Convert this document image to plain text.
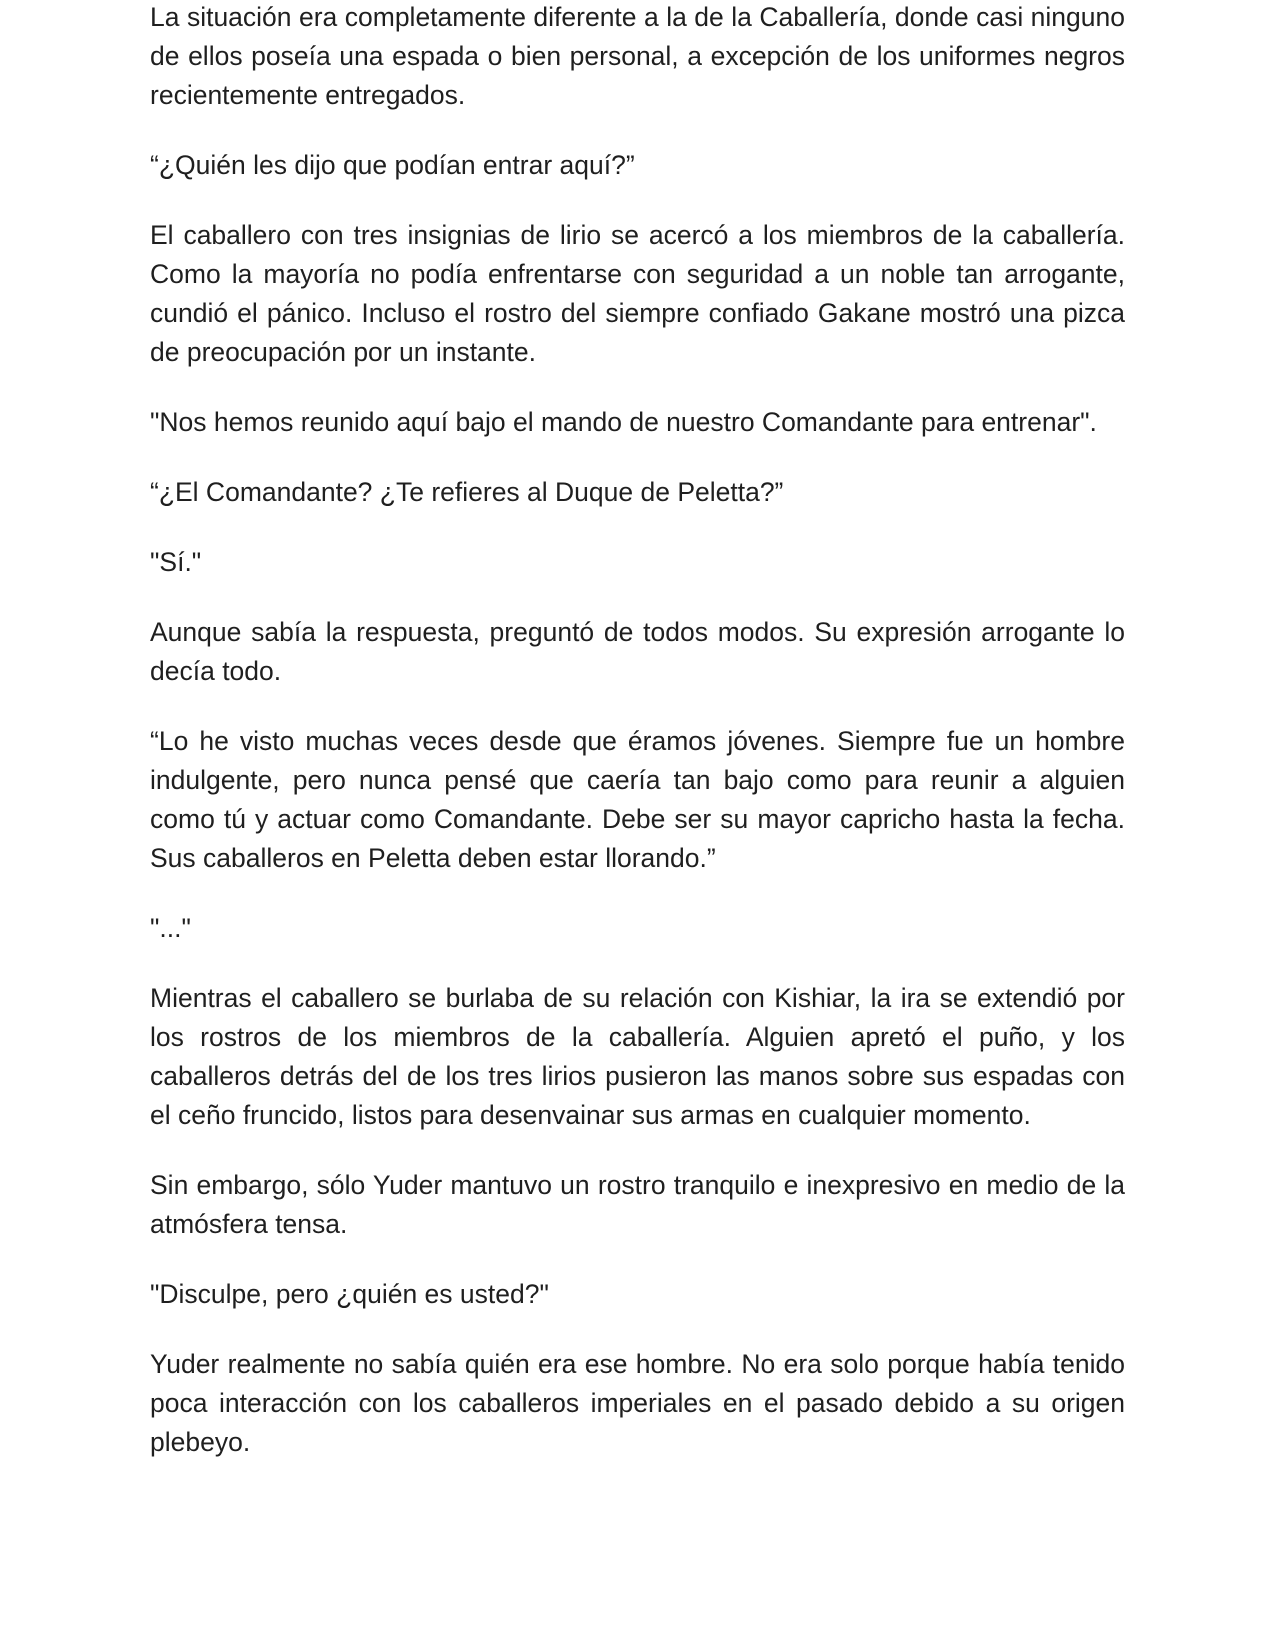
La situación era completamente diferente a la de la Caballería, donde casi ninguno de ellos poseía una espada o bien personal, a excepción de los uniformes negros recientemente entregados.

“¿Quién les dijo que podían entrar aquí?”

El caballero con tres insignias de lirio se acercó a los miembros de la caballería. Como la mayoría no podía enfrentarse con seguridad a un noble tan arrogante, cundió el pánico. Incluso el rostro del siempre confiado Gakane mostró una pizca de preocupación por un instante.

"Nos hemos reunido aquí bajo el mando de nuestro Comandante para entrenar".

“¿El Comandante? ¿Te refieres al Duque de Peletta?”

"Sí."

Aunque sabía la respuesta, preguntó de todos modos. Su expresión arrogante lo decía todo.

“Lo he visto muchas veces desde que éramos jóvenes. Siempre fue un hombre indulgente, pero nunca pensé que caería tan bajo como para reunir a alguien como tú y actuar como Comandante. Debe ser su mayor capricho hasta la fecha. Sus caballeros en Peletta deben estar llorando.”

"..."

Mientras el caballero se burlaba de su relación con Kishiar, la ira se extendió por los rostros de los miembros de la caballería. Alguien apretó el puño, y los caballeros detrás del de los tres lirios pusieron las manos sobre sus espadas con el ceño fruncido, listos para desenvainar sus armas en cualquier momento.

Sin embargo, sólo Yuder mantuvo un rostro tranquilo e inexpresivo en medio de la atmósfera tensa.

"Disculpe, pero ¿quién es usted?"

Yuder realmente no sabía quién era ese hombre. No era solo porque había tenido poca interacción con los caballeros imperiales en el pasado debido a su origen plebeyo.
